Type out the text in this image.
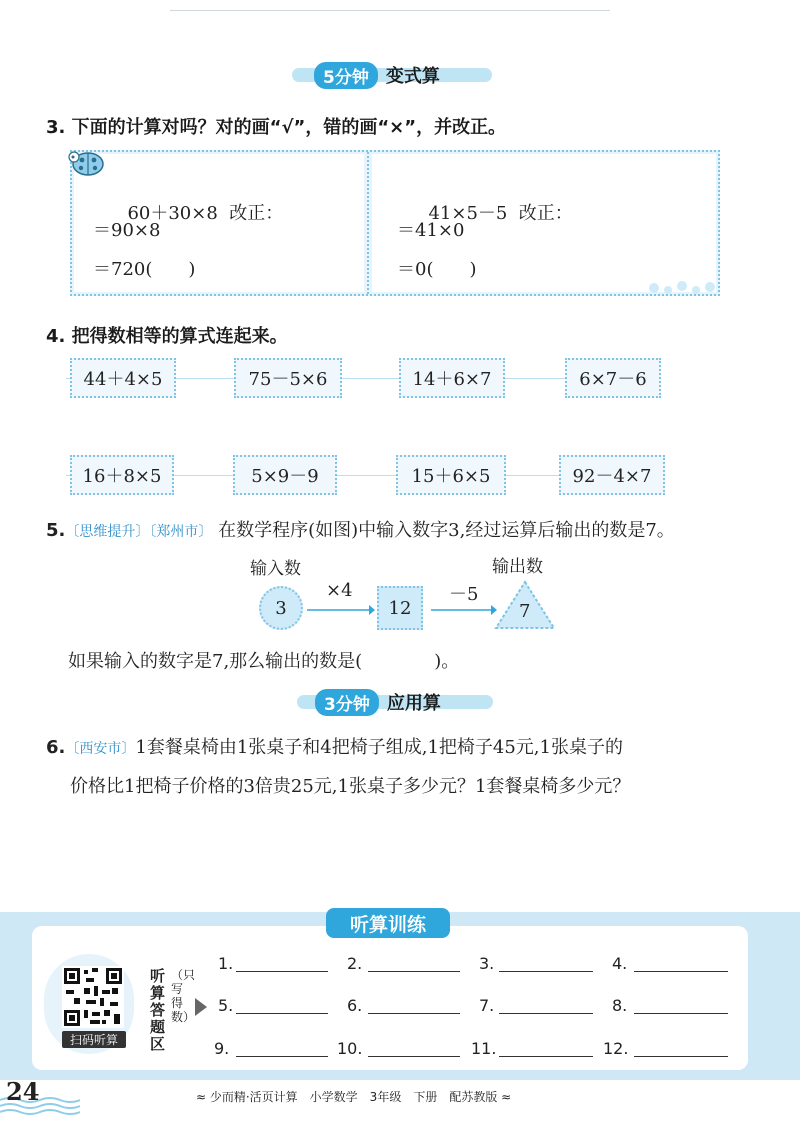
5分钟 变式算
3. 下面的计算对吗？对的画“√”，错的画“×”，并改正。

60＋30×8 改正：

＝90×8
＝720(　　)

41×5－5 改正：

＝41×0
＝0(　　)
4. 把得数相等的算式连起来。
44＋4×5	75－5×6	14＋6×7	6×7－6
16＋8×5	5×9－9	15＋6×5	92－4×7
5.〔思维提升〕〔郑州市〕 在数学程序(如图)中输入数字3,经过运算后输出的数是7。
输入数	输出数
3
×4
12
－5
7
如果输入的数字是7,那么输出的数是(　　　　)。
3分钟 应用算
6.〔西安市〕1套餐桌椅由1张桌子和4把椅子组成,1把椅子45元,1张桌子的
价格比1把椅子价格的3倍贵25元,1张桌子多少元？1套餐桌椅多少元？
听算训练
扫码听算
听算答题区
（只写得数）
1.	2.	3.	4.
5.	6.	7.	8.
9.	10.	11.	12.
24	≈ 少而精·活页计算　小学数学　3年级　下册　配苏教版 ≈
